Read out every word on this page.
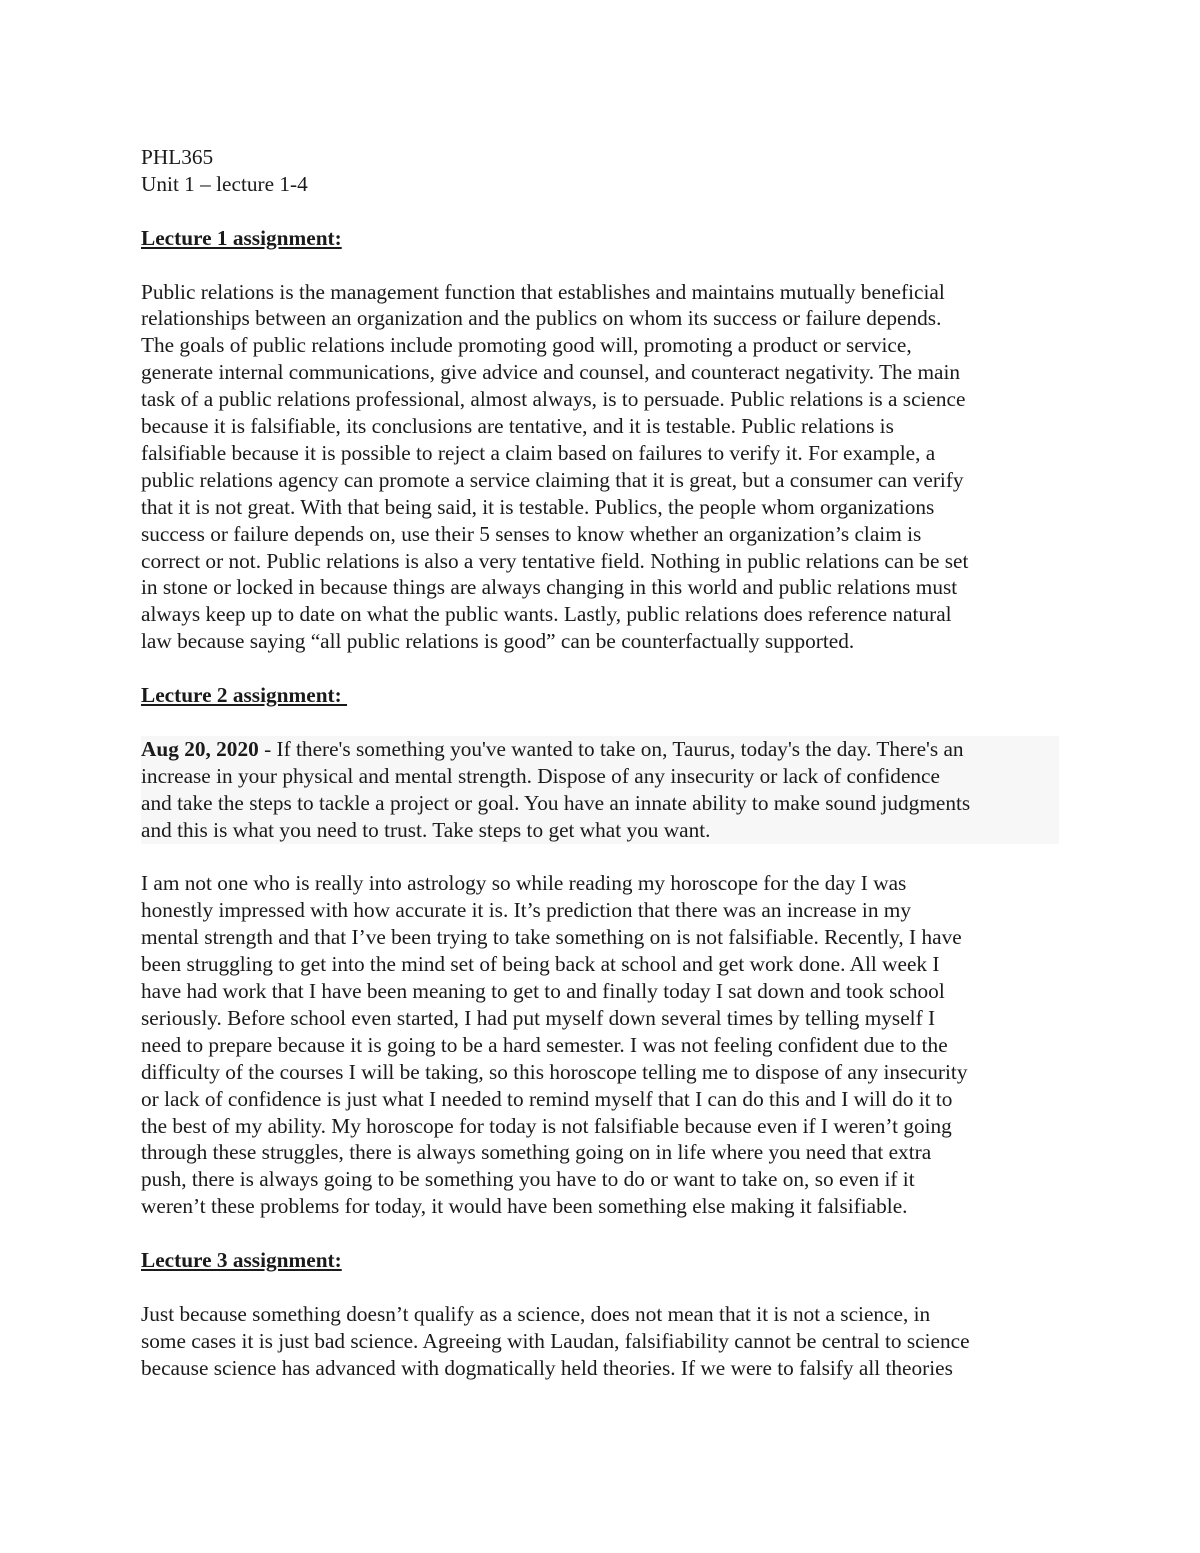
PHL365

Unit 1 – lecture 1-4

Lecture 1 assignment:

Public relations is the management function that establishes and maintains mutually beneficial
relationships between an organization and the publics on whom its success or failure depends.
The goals of public relations include promoting good will, promoting a product or service,
generate internal communications, give advice and counsel, and counteract negativity. The main
task of a public relations professional, almost always, is to persuade. Public relations is a science
because it is falsifiable, its conclusions are tentative, and it is testable. Public relations is
falsifiable because it is possible to reject a claim based on failures to verify it. For example, a
public relations agency can promote a service claiming that it is great, but a consumer can verify
that it is not great. With that being said, it is testable. Publics, the people whom organizations
success or failure depends on, use their 5 senses to know whether an organization’s claim is
correct or not. Public relations is also a very tentative field. Nothing in public relations can be set
in stone or locked in because things are always changing in this world and public relations must
always keep up to date on what the public wants. Lastly, public relations does reference natural
law because saying “all public relations is good” can be counterfactually supported.

Lecture 2 assignment:

Aug 20, 2020 - If there's something you've wanted to take on, Taurus, today's the day. There's an
increase in your physical and mental strength. Dispose of any insecurity or lack of confidence
and take the steps to tackle a project or goal. You have an innate ability to make sound judgments
and this is what you need to trust. Take steps to get what you want.

I am not one who is really into astrology so while reading my horoscope for the day I was
honestly impressed with how accurate it is. It’s prediction that there was an increase in my
mental strength and that I’ve been trying to take something on is not falsifiable. Recently, I have
been struggling to get into the mind set of being back at school and get work done. All week I
have had work that I have been meaning to get to and finally today I sat down and took school
seriously. Before school even started, I had put myself down several times by telling myself I
need to prepare because it is going to be a hard semester. I was not feeling confident due to the
difficulty of the courses I will be taking, so this horoscope telling me to dispose of any insecurity
or lack of confidence is just what I needed to remind myself that I can do this and I will do it to
the best of my ability. My horoscope for today is not falsifiable because even if I weren’t going
through these struggles, there is always something going on in life where you need that extra
push, there is always going to be something you have to do or want to take on, so even if it
weren’t these problems for today, it would have been something else making it falsifiable.

Lecture 3 assignment:

Just because something doesn’t qualify as a science, does not mean that it is not a science, in
some cases it is just bad science. Agreeing with Laudan, falsifiability cannot be central to science
because science has advanced with dogmatically held theories. If we were to falsify all theories
